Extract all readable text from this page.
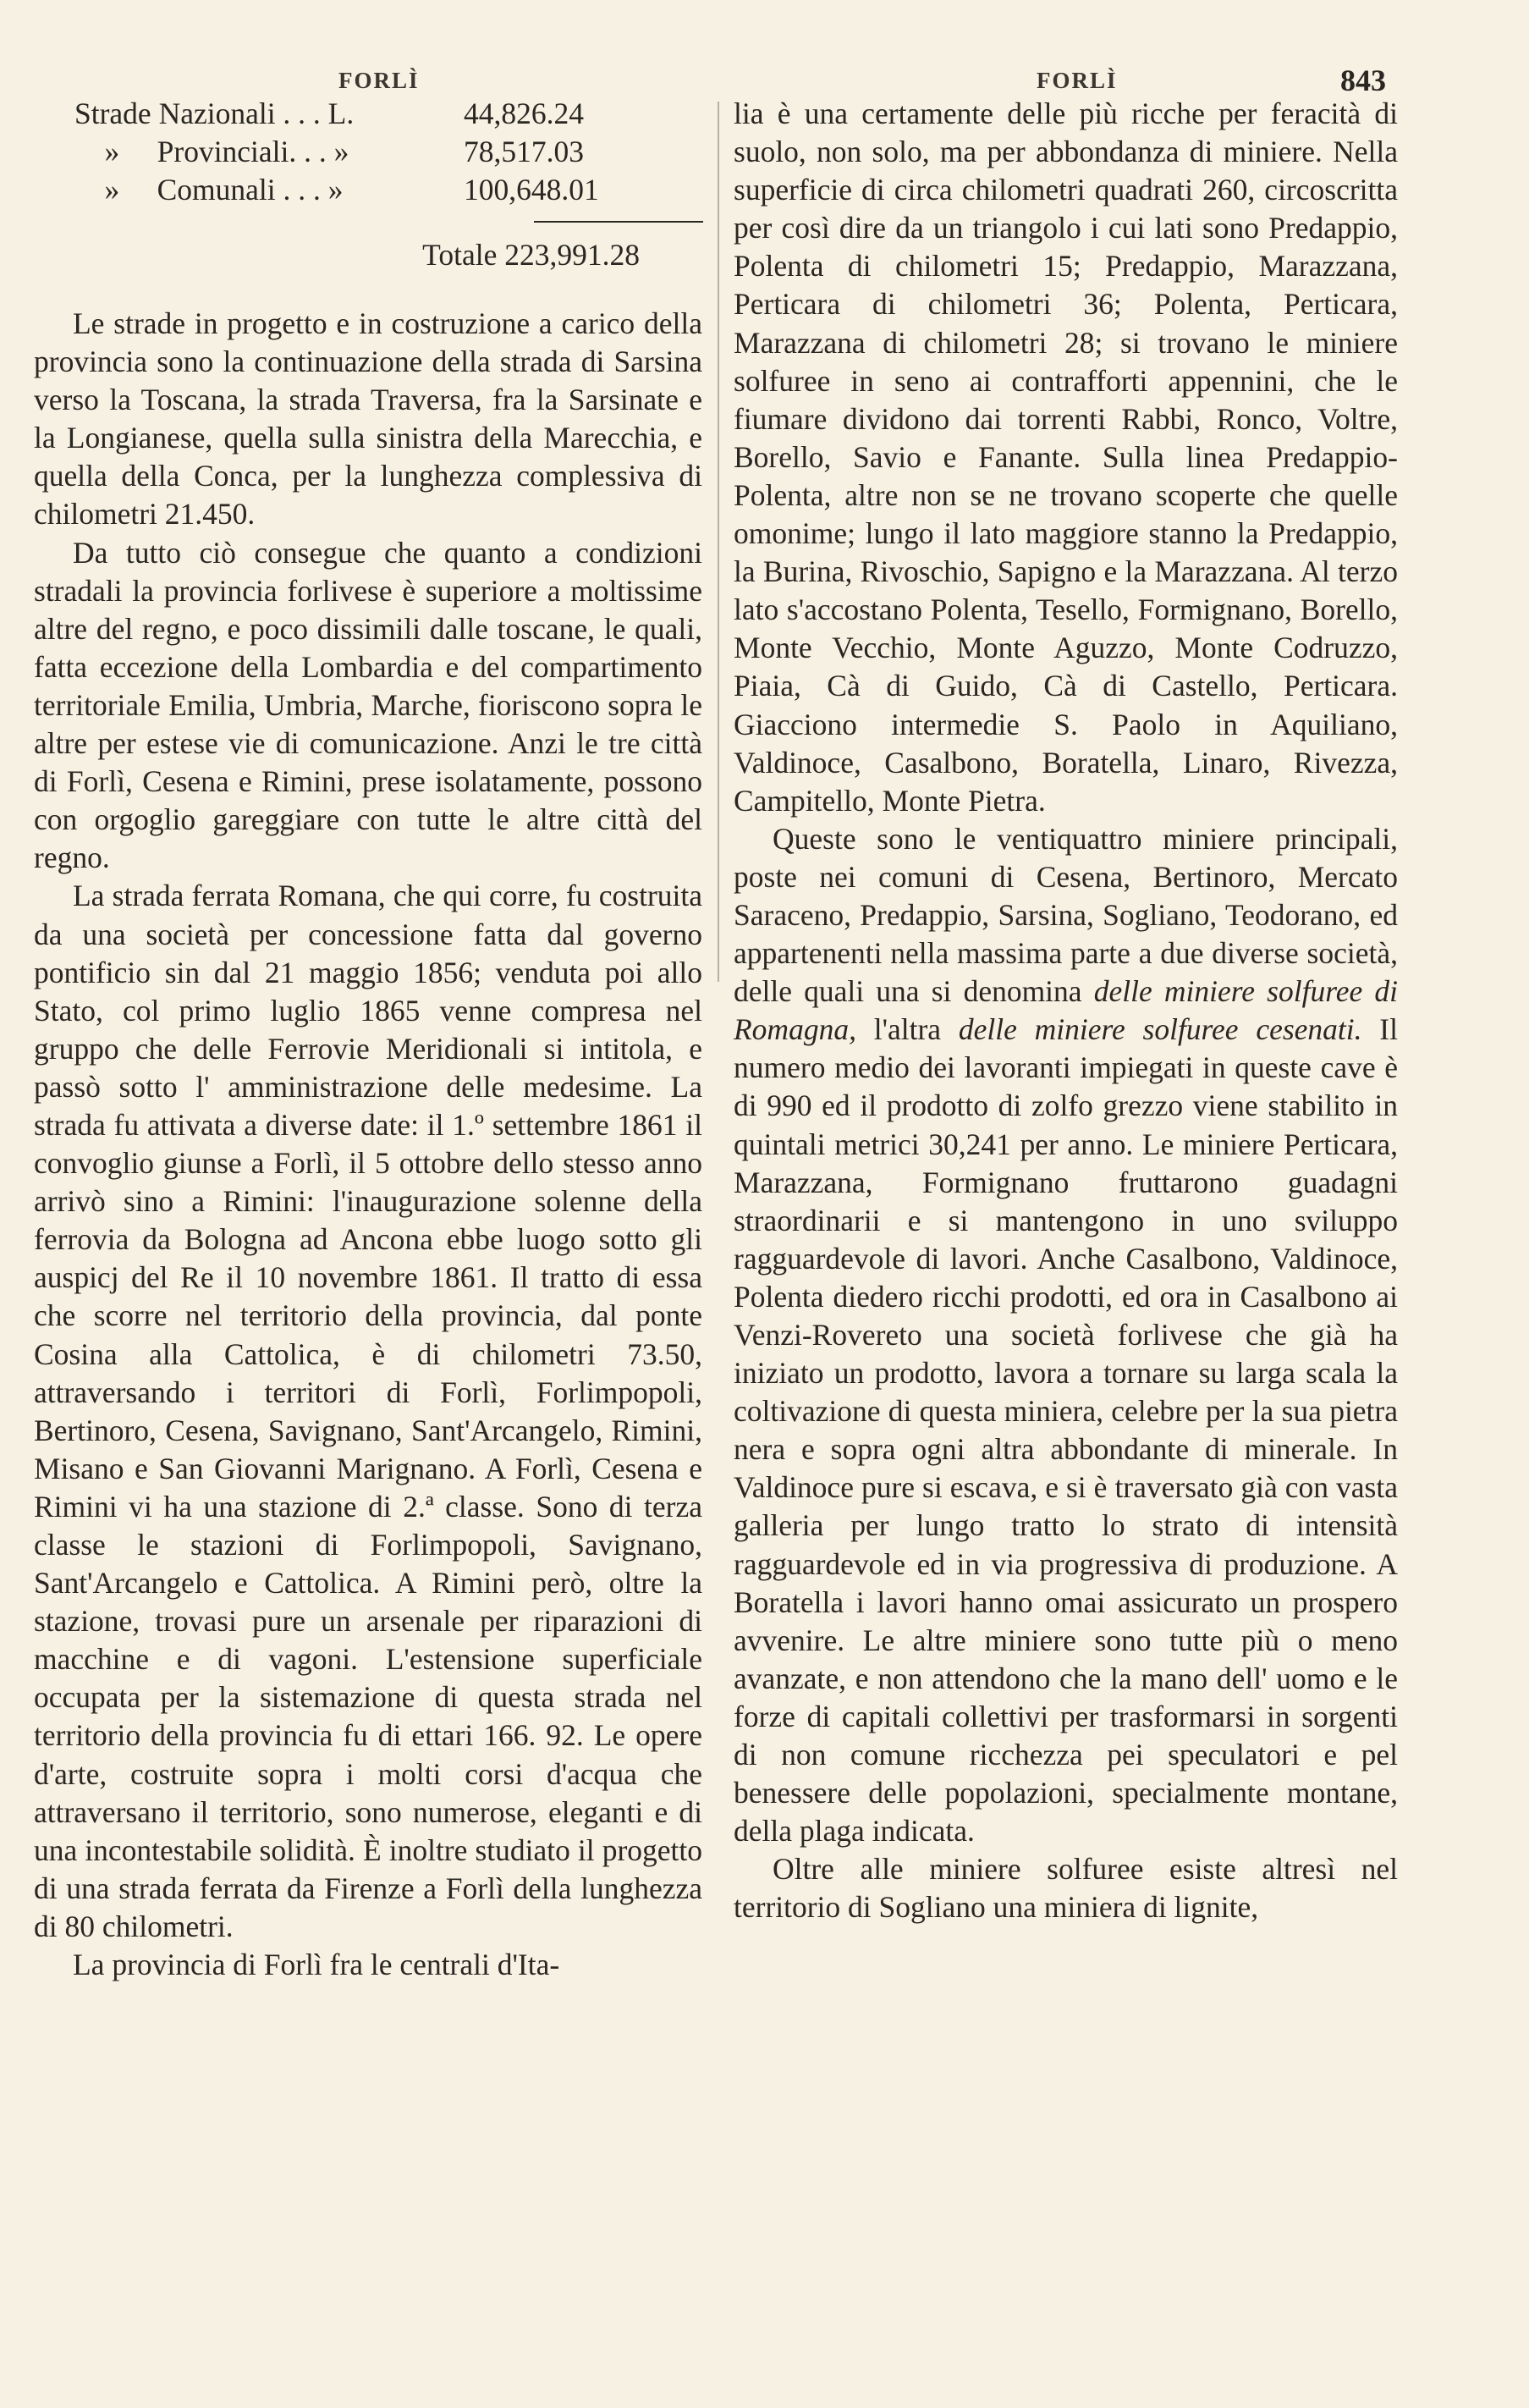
FORLÌ	FORLÌ	843
Strade Nazionali . . . L.	44,826.24
»     Provinciali. . . »	78,517.03
»     Comunali . . . »	100,648.01
Totale 223,991.28

Le strade in progetto e in costruzione a carico della provincia sono la continuazione della strada di Sarsina verso la Toscana, la strada Traversa, fra la Sarsinate e la Longianese, quella sulla sinistra della Marecchia, e quella della Conca, per la lunghezza complessiva di chilometri 21.450.

Da tutto ciò consegue che quanto a condizioni stradali la provincia forlivese è superiore a moltissime altre del regno, e poco dissimili dalle toscane, le quali, fatta eccezione della Lombardia e del compartimento territoriale Emilia, Umbria, Marche, fioriscono sopra le altre per estese vie di comunicazione. Anzi le tre città di Forlì, Cesena e Rimini, prese isolatamente, possono con orgoglio gareggiare con tutte le altre città del regno.

La strada ferrata Romana, che qui corre, fu costruita da una società per concessione fatta dal governo pontificio sin dal 21 maggio 1856; venduta poi allo Stato, col primo luglio 1865 venne compresa nel gruppo che delle Ferrovie Meridionali si intitola, e passò sotto l' amministrazione delle medesime. La strada fu attivata a diverse date: il 1.º settembre 1861 il convoglio giunse a Forlì, il 5 ottobre dello stesso anno arrivò sino a Rimini: l'inaugurazione solenne della ferrovia da Bologna ad Ancona ebbe luogo sotto gli auspicj del Re il 10 novembre 1861. Il tratto di essa che scorre nel territorio della provincia, dal ponte Cosina alla Cattolica, è di chilometri 73.50, attraversando i territori di Forlì, Forlimpopoli, Bertinoro, Cesena, Savignano, Sant'Arcangelo, Rimini, Misano e San Giovanni Marignano. A Forlì, Cesena e Rimini vi ha una stazione di 2.ª classe. Sono di terza classe le stazioni di Forlimpopoli, Savignano, Sant'Arcangelo e Cattolica. A Rimini però, oltre la stazione, trovasi pure un arsenale per riparazioni di macchine e di vagoni. L'estensione superficiale occupata per la sistemazione di questa strada nel territorio della provincia fu di ettari 166. 92. Le opere d'arte, costruite sopra i molti corsi d'acqua che attraversano il territorio, sono numerose, eleganti e di una incontestabile solidità. È inoltre studiato il progetto di una strada ferrata da Firenze a Forlì della lunghezza di 80 chilometri.

La provincia di Forlì fra le centrali d'Ita-

lia è una certamente delle più ricche per feracità di suolo, non solo, ma per abbondanza di miniere. Nella superficie di circa chilometri quadrati 260, circoscritta per così dire da un triangolo i cui lati sono Predappio, Polenta di chilometri 15; Predappio, Marazzana, Perticara di chilometri 36; Polenta, Perticara, Marazzana di chilometri 28; si trovano le miniere solfuree in seno ai contrafforti appennini, che le fiumare dividono dai torrenti Rabbi, Ronco, Voltre, Borello, Savio e Fanante. Sulla linea Predappio-Polenta, altre non se ne trovano scoperte che quelle omonime; lungo il lato maggiore stanno la Predappio, la Burina, Rivoschio, Sapigno e la Marazzana. Al terzo lato s'accostano Polenta, Tesello, Formignano, Borello, Monte Vecchio, Monte Aguzzo, Monte Codruzzo, Piaia, Cà di Guido, Cà di Castello, Perticara. Giacciono intermedie S. Paolo in Aquiliano, Valdinoce, Casalbono, Boratella, Linaro, Rivezza, Campitello, Monte Pietra.

Queste sono le ventiquattro miniere principali, poste nei comuni di Cesena, Bertinoro, Mercato Saraceno, Predappio, Sarsina, Sogliano, Teodorano, ed appartenenti nella massima parte a due diverse società, delle quali una si denomina delle miniere solfuree di Romagna, l'altra delle miniere solfuree cesenati. Il numero medio dei lavoranti impiegati in queste cave è di 990 ed il prodotto di zolfo grezzo viene stabilito in quintali metrici 30,241 per anno. Le miniere Perticara, Marazzana, Formignano fruttarono guadagni straordinarii e si mantengono in uno sviluppo ragguardevole di lavori. Anche Casalbono, Valdinoce, Polenta diedero ricchi prodotti, ed ora in Casalbono ai Venzi-Rovereto una società forlivese che già ha iniziato un prodotto, lavora a tornare su larga scala la coltivazione di questa miniera, celebre per la sua pietra nera e sopra ogni altra abbondante di minerale. In Valdinoce pure si escava, e si è traversato già con vasta galleria per lungo tratto lo strato di intensità ragguardevole ed in via progressiva di produzione. A Boratella i lavori hanno omai assicurato un prospero avvenire. Le altre miniere sono tutte più o meno avanzate, e non attendono che la mano dell' uomo e le forze di capitali collettivi per trasformarsi in sorgenti di non comune ricchezza pei speculatori e pel benessere delle popolazioni, specialmente montane, della plaga indicata.

Oltre alle miniere solfuree esiste altresì nel territorio di Sogliano una miniera di lignite,
